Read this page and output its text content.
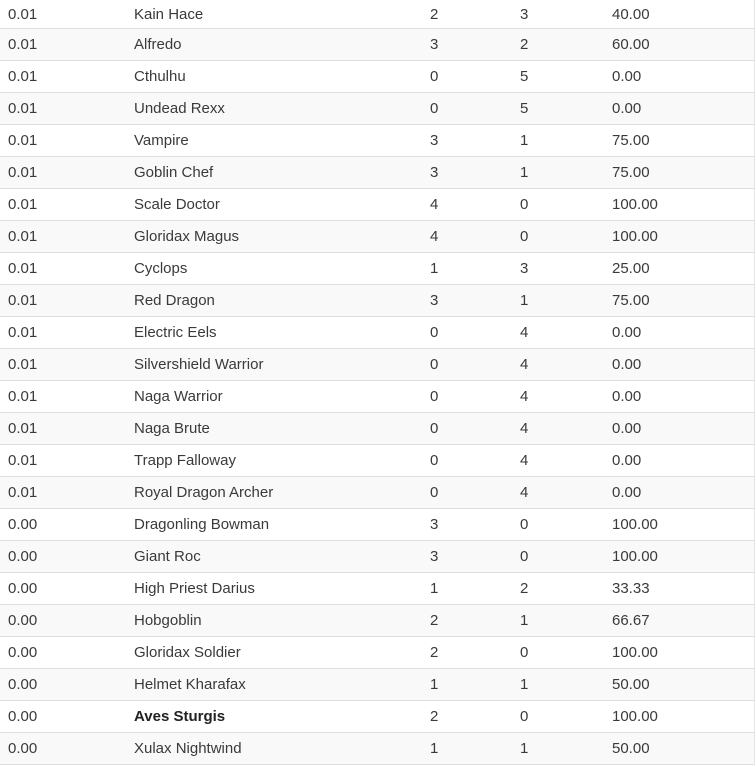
0.01	Kain Hace	2	3	40.00
0.01	Alfredo	3	2	60.00
0.01	Cthulhu	0	5	0.00
0.01	Undead Rexx	0	5	0.00
0.01	Vampire	3	1	75.00
0.01	Goblin Chef	3	1	75.00
0.01	Scale Doctor	4	0	100.00
0.01	Gloridax Magus	4	0	100.00
0.01	Cyclops	1	3	25.00
0.01	Red Dragon	3	1	75.00
0.01	Electric Eels	0	4	0.00
0.01	Silvershield Warrior	0	4	0.00
0.01	Naga Warrior	0	4	0.00
0.01	Naga Brute	0	4	0.00
0.01	Trapp Falloway	0	4	0.00
0.01	Royal Dragon Archer	0	4	0.00
0.00	Dragonling Bowman	3	0	100.00
0.00	Giant Roc	3	0	100.00
0.00	High Priest Darius	1	2	33.33
0.00	Hobgoblin	2	1	66.67
0.00	Gloridax Soldier	2	0	100.00
0.00	Helmet Kharafax	1	1	50.00
0.00	Aves Sturgis	2	0	100.00
0.00	Xulax Nightwind	1	1	50.00
